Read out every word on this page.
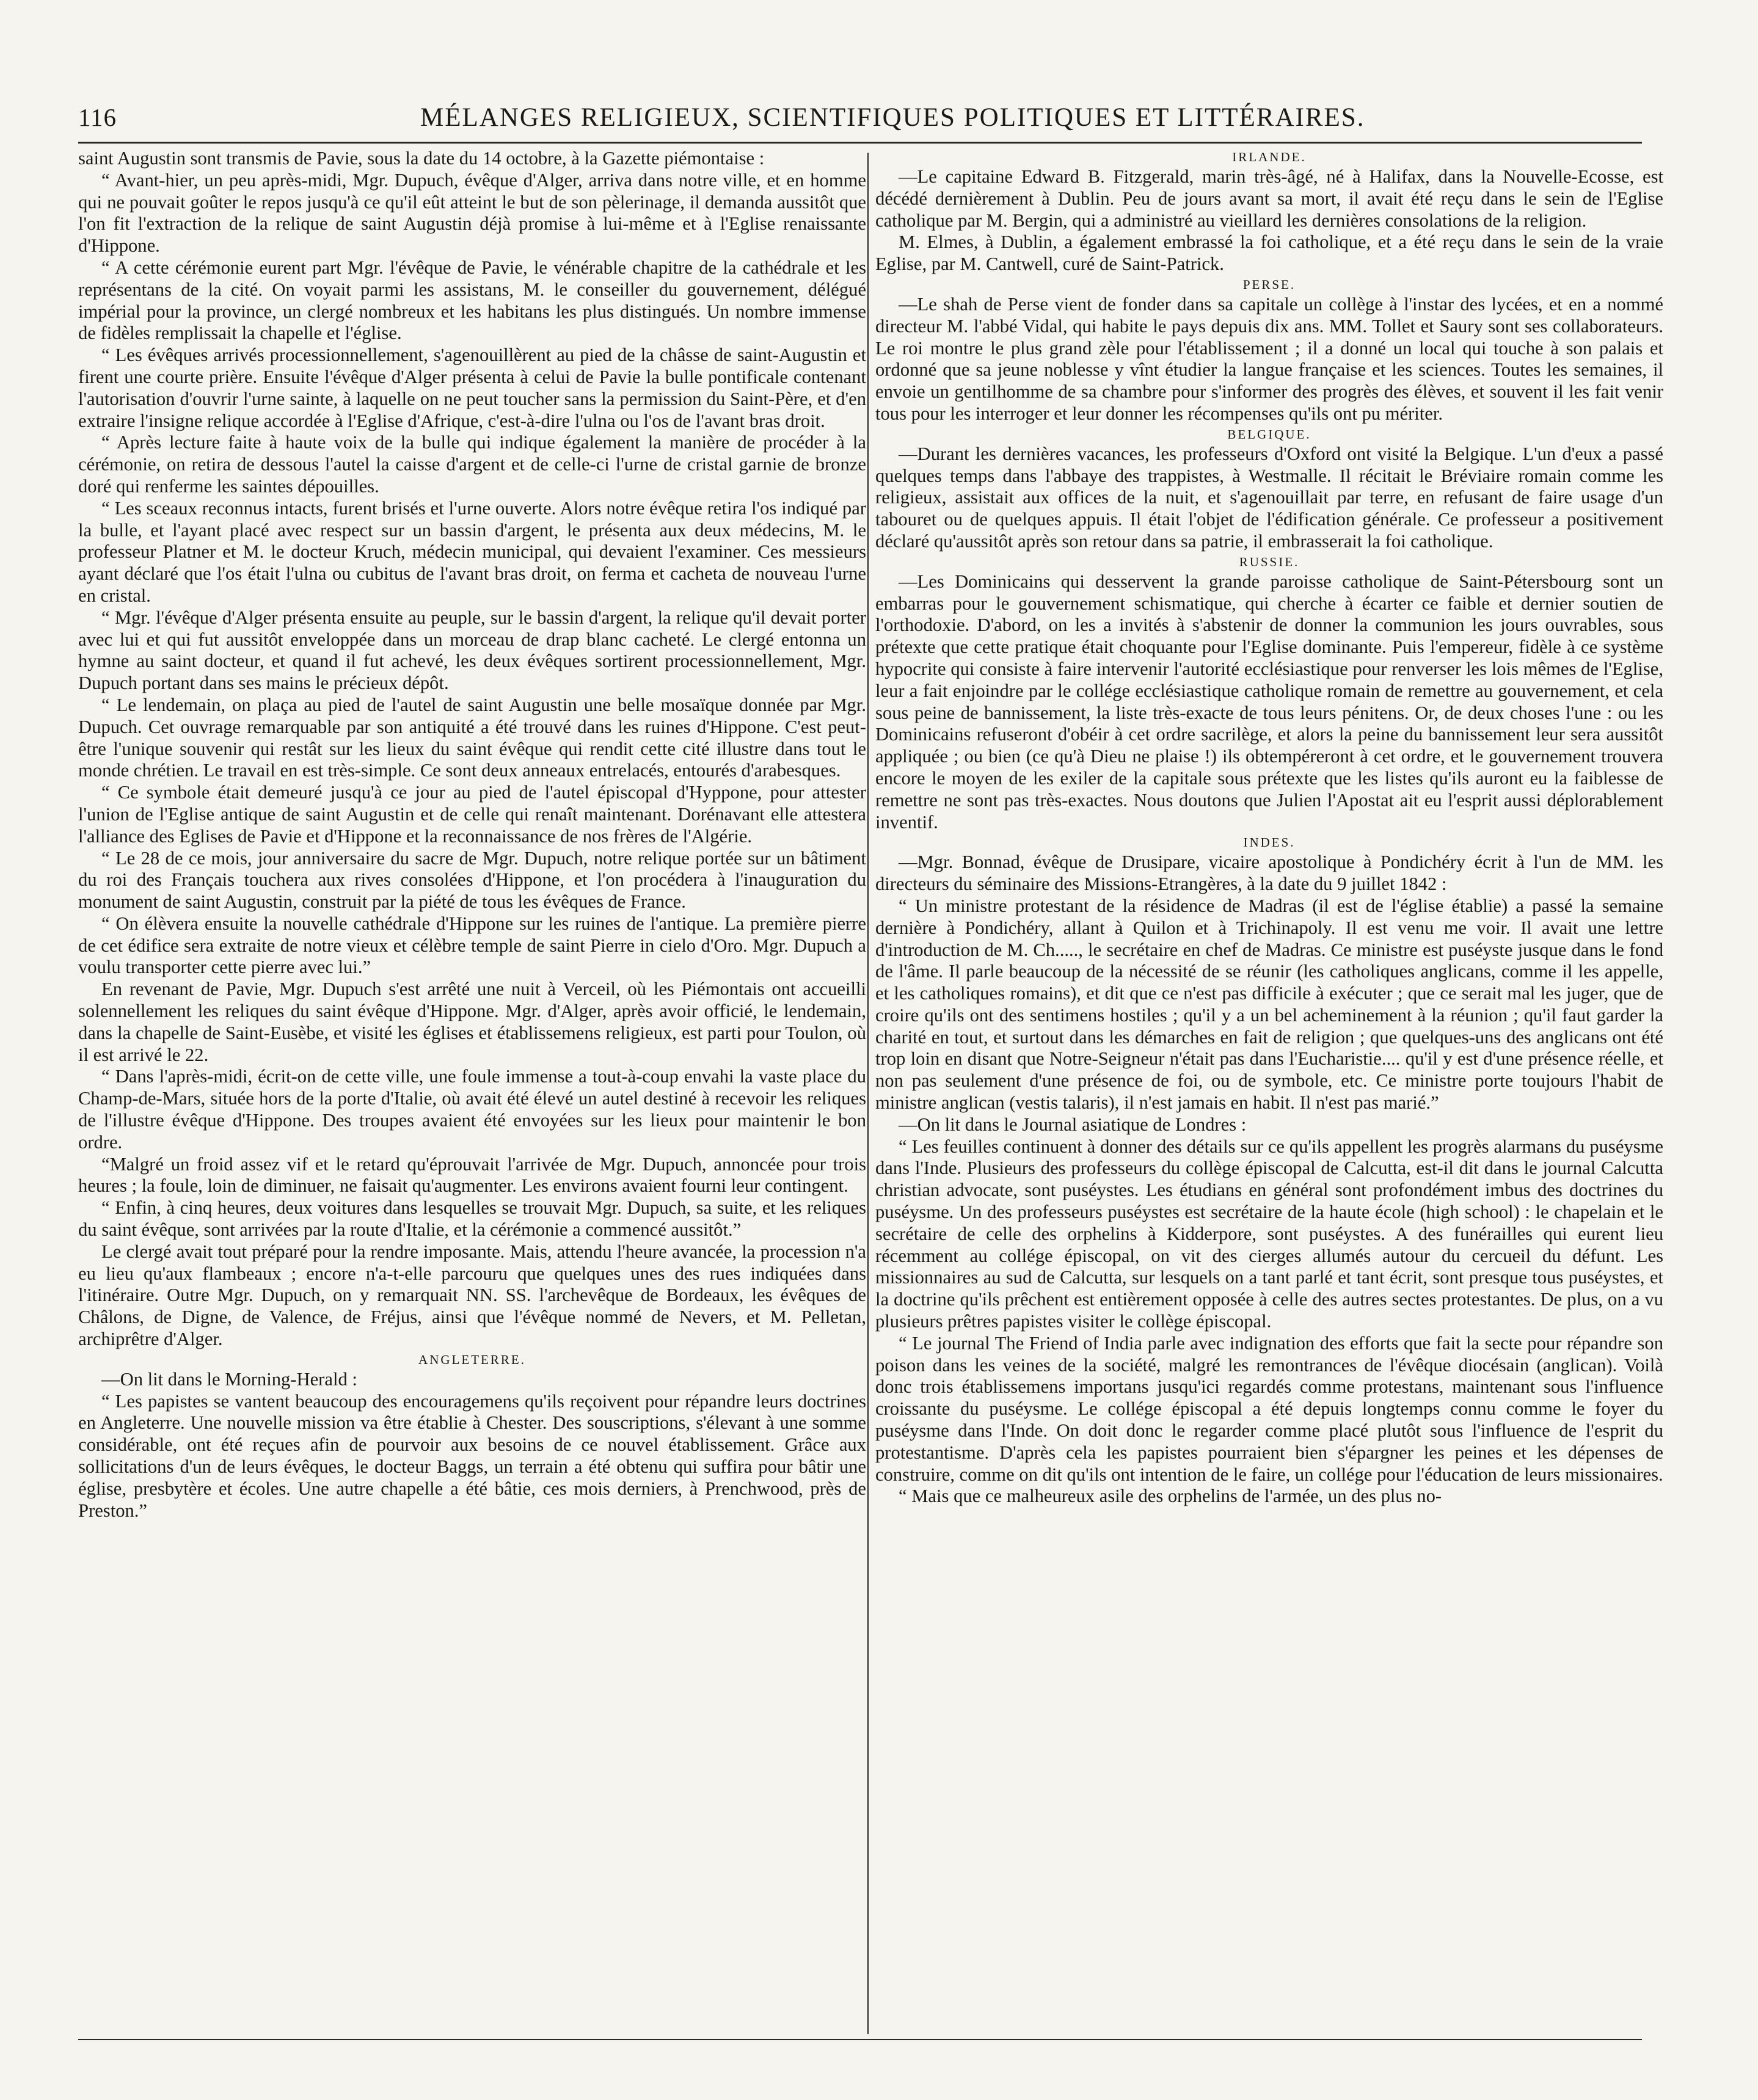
116	MÉLANGES RELIGIEUX, SCIENTIFIQUES POLITIQUES ET LITTÉRAIRES.

saint Augustin sont transmis de Pavie, sous la date du 14 octobre, à la Gazette piémontaise :

“ Avant-hier, un peu après-midi, Mgr. Dupuch, évêque d'Alger, arriva dans notre ville, et en homme qui ne pouvait goûter le repos jusqu'à ce qu'il eût atteint le but de son pèlerinage, il demanda aussitôt que l'on fit l'extraction de la relique de saint Augustin déjà promise à lui-même et à l'Eglise renaissante d'Hippone.

“ A cette cérémonie eurent part Mgr. l'évêque de Pavie, le vénérable chapitre de la cathédrale et les représentans de la cité. On voyait parmi les assistans, M. le conseiller du gouvernement, délégué impérial pour la province, un clergé nombreux et les habitans les plus distingués. Un nombre immense de fidèles remplissait la chapelle et l'église.

“ Les évêques arrivés processionnellement, s'agenouillèrent au pied de la châsse de saint-Augustin et firent une courte prière. Ensuite l'évêque d'Alger présenta à celui de Pavie la bulle pontificale contenant l'autorisation d'ouvrir l'urne sainte, à laquelle on ne peut toucher sans la permission du Saint-Père, et d'en extraire l'insigne relique accordée à l'Eglise d'Afrique, c'est-à-dire l'ulna ou l'os de l'avant bras droit.

“ Après lecture faite à haute voix de la bulle qui indique également la manière de procéder à la cérémonie, on retira de dessous l'autel la caisse d'argent et de celle-ci l'urne de cristal garnie de bronze doré qui renferme les saintes dépouilles.

“ Les sceaux reconnus intacts, furent brisés et l'urne ouverte. Alors notre évêque retira l'os indiqué par la bulle, et l'ayant placé avec respect sur un bassin d'argent, le présenta aux deux médecins, M. le professeur Platner et M. le docteur Kruch, médecin municipal, qui devaient l'examiner. Ces messieurs ayant déclaré que l'os était l'ulna ou cubitus de l'avant bras droit, on ferma et cacheta de nouveau l'urne en cristal.

“ Mgr. l'évêque d'Alger présenta ensuite au peuple, sur le bassin d'argent, la relique qu'il devait porter avec lui et qui fut aussitôt enveloppée dans un morceau de drap blanc cacheté. Le clergé entonna un hymne au saint docteur, et quand il fut achevé, les deux évêques sortirent processionnellement, Mgr. Dupuch portant dans ses mains le précieux dépôt.

“ Le lendemain, on plaça au pied de l'autel de saint Augustin une belle mosaïque donnée par Mgr. Dupuch. Cet ouvrage remarquable par son antiquité a été trouvé dans les ruines d'Hippone. C'est peut-être l'unique souvenir qui restât sur les lieux du saint évêque qui rendit cette cité illustre dans tout le monde chrétien. Le travail en est très-simple. Ce sont deux anneaux entrelacés, entourés d'arabesques.

“ Ce symbole était demeuré jusqu'à ce jour au pied de l'autel épiscopal d'Hyppone, pour attester l'union de l'Eglise antique de saint Augustin et de celle qui renaît maintenant. Dorénavant elle attestera l'alliance des Eglises de Pavie et d'Hippone et la reconnaissance de nos frères de l'Algérie.

“ Le 28 de ce mois, jour anniversaire du sacre de Mgr. Dupuch, notre relique portée sur un bâtiment du roi des Français touchera aux rives consolées d'Hippone, et l'on procédera à l'inauguration du monument de saint Augustin, construit par la piété de tous les évêques de France.

“ On élèvera ensuite la nouvelle cathédrale d'Hippone sur les ruines de l'antique. La première pierre de cet édifice sera extraite de notre vieux et célèbre temple de saint Pierre in cielo d'Oro. Mgr. Dupuch a voulu transporter cette pierre avec lui.”

En revenant de Pavie, Mgr. Dupuch s'est arrêté une nuit à Verceil, où les Piémontais ont accueilli solennellement les reliques du saint évêque d'Hippone. Mgr. d'Alger, après avoir officié, le lendemain, dans la chapelle de Saint-Eusèbe, et visité les églises et établissemens religieux, est parti pour Toulon, où il est arrivé le 22.

“ Dans l'après-midi, écrit-on de cette ville, une foule immense a tout-à-coup envahi la vaste place du Champ-de-Mars, située hors de la porte d'Italie, où avait été élevé un autel destiné à recevoir les reliques de l'illustre évêque d'Hippone. Des troupes avaient été envoyées sur les lieux pour maintenir le bon ordre.

“Malgré un froid assez vif et le retard qu'éprouvait l'arrivée de Mgr. Dupuch, annoncée pour trois heures ; la foule, loin de diminuer, ne faisait qu'augmenter. Les environs avaient fourni leur contingent.

“ Enfin, à cinq heures, deux voitures dans lesquelles se trouvait Mgr. Dupuch, sa suite, et les reliques du saint évêque, sont arrivées par la route d'Italie, et la cérémonie a commencé aussitôt.”

Le clergé avait tout préparé pour la rendre imposante. Mais, attendu l'heure avancée, la procession n'a eu lieu qu'aux flambeaux ; encore n'a-t-elle parcouru que quelques unes des rues indiquées dans l'itinéraire. Outre Mgr. Dupuch, on y remarquait NN. SS. l'archevêque de Bordeaux, les évêques de Châlons, de Digne, de Valence, de Fréjus, ainsi que l'évêque nommé de Nevers, et M. Pelletan, archiprêtre d'Alger.

ANGLETERRE.

—On lit dans le Morning-Herald :

“ Les papistes se vantent beaucoup des encouragemens qu'ils reçoivent pour répandre leurs doctrines en Angleterre. Une nouvelle mission va être établie à Chester. Des souscriptions, s'élevant à une somme considérable, ont été reçues afin de pourvoir aux besoins de ce nouvel établissement. Grâce aux sollicitations d'un de leurs évêques, le docteur Baggs, un terrain a été obtenu qui suffira pour bâtir une église, presbytère et écoles. Une autre chapelle a été bâtie, ces mois derniers, à Prenchwood, près de Preston.”

IRLANDE.

—Le capitaine Edward B. Fitzgerald, marin très-âgé, né à Halifax, dans la Nouvelle-Ecosse, est décédé dernièrement à Dublin. Peu de jours avant sa mort, il avait été reçu dans le sein de l'Eglise catholique par M. Bergin, qui a administré au vieillard les dernières consolations de la religion.

M. Elmes, à Dublin, a également embrassé la foi catholique, et a été reçu dans le sein de la vraie Eglise, par M. Cantwell, curé de Saint-Patrick.

PERSE.

—Le shah de Perse vient de fonder dans sa capitale un collège à l'instar des lycées, et en a nommé directeur M. l'abbé Vidal, qui habite le pays depuis dix ans. MM. Tollet et Saury sont ses collaborateurs. Le roi montre le plus grand zèle pour l'établissement ; il a donné un local qui touche à son palais et ordonné que sa jeune noblesse y vînt étudier la langue française et les sciences. Toutes les semaines, il envoie un gentilhomme de sa chambre pour s'informer des progrès des élèves, et souvent il les fait venir tous pour les interroger et leur donner les récompenses qu'ils ont pu mériter.

BELGIQUE.

—Durant les dernières vacances, les professeurs d'Oxford ont visité la Belgique. L'un d'eux a passé quelques temps dans l'abbaye des trappistes, à Westmalle. Il récitait le Bréviaire romain comme les religieux, assistait aux offices de la nuit, et s'agenouillait par terre, en refusant de faire usage d'un tabouret ou de quelques appuis. Il était l'objet de l'édification générale. Ce professeur a positivement déclaré qu'aussitôt après son retour dans sa patrie, il embrasserait la foi catholique.

RUSSIE.

—Les Dominicains qui desservent la grande paroisse catholique de Saint-Pétersbourg sont un embarras pour le gouvernement schismatique, qui cherche à écarter ce faible et dernier soutien de l'orthodoxie. D'abord, on les a invités à s'abstenir de donner la communion les jours ouvrables, sous prétexte que cette pratique était choquante pour l'Eglise dominante. Puis l'empereur, fidèle à ce système hypocrite qui consiste à faire intervenir l'autorité ecclésiastique pour renverser les lois mêmes de l'Eglise, leur a fait enjoindre par le collége ecclésiastique catholique romain de remettre au gouvernement, et cela sous peine de bannissement, la liste très-exacte de tous leurs pénitens. Or, de deux choses l'une : ou les Dominicains refuseront d'obéir à cet ordre sacrilège, et alors la peine du bannissement leur sera aussitôt appliquée ; ou bien (ce qu'à Dieu ne plaise !) ils obtempéreront à cet ordre, et le gouvernement trouvera encore le moyen de les exiler de la capitale sous prétexte que les listes qu'ils auront eu la faiblesse de remettre ne sont pas très-exactes. Nous doutons que Julien l'Apostat ait eu l'esprit aussi déplorablement inventif.

INDES.

—Mgr. Bonnad, évêque de Drusipare, vicaire apostolique à Pondichéry écrit à l'un de MM. les directeurs du séminaire des Missions-Etrangères, à la date du 9 juillet 1842 :

“ Un ministre protestant de la résidence de Madras (il est de l'église établie) a passé la semaine dernière à Pondichéry, allant à Quilon et à Trichinapoly. Il est venu me voir. Il avait une lettre d'introduction de M. Ch....., le secrétaire en chef de Madras. Ce ministre est puséyste jusque dans le fond de l'âme. Il parle beaucoup de la nécessité de se réunir (les catholiques anglicans, comme il les appelle, et les catholiques romains), et dit que ce n'est pas difficile à exécuter ; que ce serait mal les juger, que de croire qu'ils ont des sentimens hostiles ; qu'il y a un bel acheminement à la réunion ; qu'il faut garder la charité en tout, et surtout dans les démarches en fait de religion ; que quelques-uns des anglicans ont été trop loin en disant que Notre-Seigneur n'était pas dans l'Eucharistie.... qu'il y est d'une présence réelle, et non pas seulement d'une présence de foi, ou de symbole, etc. Ce ministre porte toujours l'habit de ministre anglican (vestis talaris), il n'est jamais en habit. Il n'est pas marié.”

—On lit dans le Journal asiatique de Londres :

“ Les feuilles continuent à donner des détails sur ce qu'ils appellent les progrès alarmans du puséysme dans l'Inde. Plusieurs des professeurs du collège épiscopal de Calcutta, est-il dit dans le journal Calcutta christian advocate, sont puséystes. Les étudians en général sont profondément imbus des doctrines du puséysme. Un des professeurs puséystes est secrétaire de la haute école (high school) : le chapelain et le secrétaire de celle des orphelins à Kidderpore, sont puséystes. A des funérailles qui eurent lieu récemment au collége épiscopal, on vit des cierges allumés autour du cercueil du défunt. Les missionnaires au sud de Calcutta, sur lesquels on a tant parlé et tant écrit, sont presque tous puséystes, et la doctrine qu'ils prêchent est entièrement opposée à celle des autres sectes protestantes. De plus, on a vu plusieurs prêtres papistes visiter le collège épiscopal.

“ Le journal The Friend of India parle avec indignation des efforts que fait la secte pour répandre son poison dans les veines de la société, malgré les remontrances de l'évêque diocésain (anglican). Voilà donc trois établissemens importans jusqu'ici regardés comme protestans, maintenant sous l'influence croissante du puséysme. Le collége épiscopal a été depuis longtemps connu comme le foyer du puséysme dans l'Inde. On doit donc le regarder comme placé plutôt sous l'influence de l'esprit du protestantisme. D'après cela les papistes pourraient bien s'épargner les peines et les dépenses de construire, comme on dit qu'ils ont intention de le faire, un collége pour l'éducation de leurs missionaires.

“ Mais que ce malheureux asile des orphelins de l'armée, un des plus no-
